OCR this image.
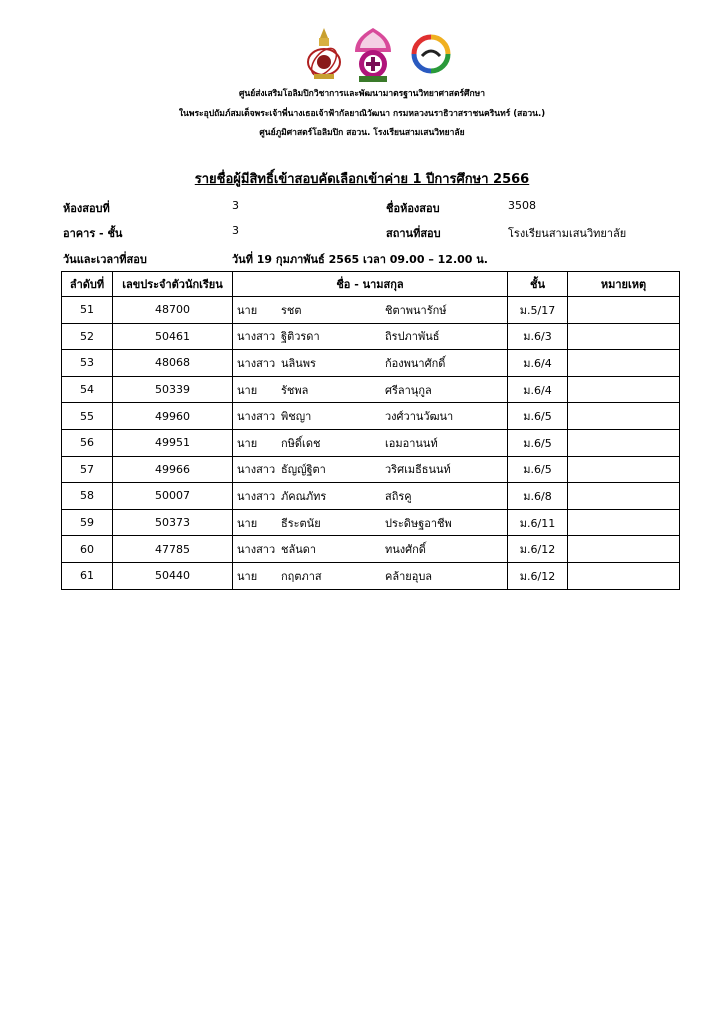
ศูนย์ส่งเสริมโอลิมปิกวิชาการและพัฒนามาตรฐานวิทยาศาสตร์ศึกษา
ในพระอุปถัมภ์สมเด็จพระเจ้าพี่นางเธอเจ้าฟ้ากัลยาณิวัฒนา กรมหลวงนราธิวาสราชนครินทร์ (สอวน.)
ศูนย์ภูมิศาสตร์โอลิมปิก สอวน. โรงเรียนสามเสนวิทยาลัย
รายชื่อผู้มีสิทธิ์เข้าสอบคัดเลือกเข้าค่าย 1 ปีการศึกษา 2566
ห้องสอบที่	3	ชื่อห้องสอบ	3508
อาคาร - ชั้น	3	สถานที่สอบ	โรงเรียนสามเสนวิทยาลัย
วันและเวลาที่สอบ	วันที่ 19 กุมภาพันธ์ 2565 เวลา 09.00 – 12.00 น.
ลำดับที่	เลขประจำตัวนักเรียน	ชื่อ - นามสกุล	ชั้น	หมายเหตุ
51	48700	นาย รชต ชิตาพนารักษ์	ม.5/17	
52	50461	นางสาว ฐิติวรดา ถิรปภาพันธ์	ม.6/3	
53	48068	นางสาว นลินพร ก้องพนาศักดิ์	ม.6/4	
54	50339	นาย รัชพล ศรีลานุกูล	ม.6/4	
55	49960	นางสาว พิชญา วงศ์วานวัฒนา	ม.6/5	
56	49951	นาย กษิดิ์เดช เอมอานนท์	ม.6/5	
57	49966	นางสาว ธัญญ์ฐิตา วริศเมธีธนนท์	ม.6/5	
58	50007	นางสาว ภัคณภัทร สถิรคู	ม.6/8	
59	50373	นาย ธีระตนัย ประดิษฐอาชีพ	ม.6/11	
60	47785	นางสาว ชลันดา ทนงศักดิ์	ม.6/12	
61	50440	นาย กฤตภาส คล้ายอุบล	ม.6/12	
